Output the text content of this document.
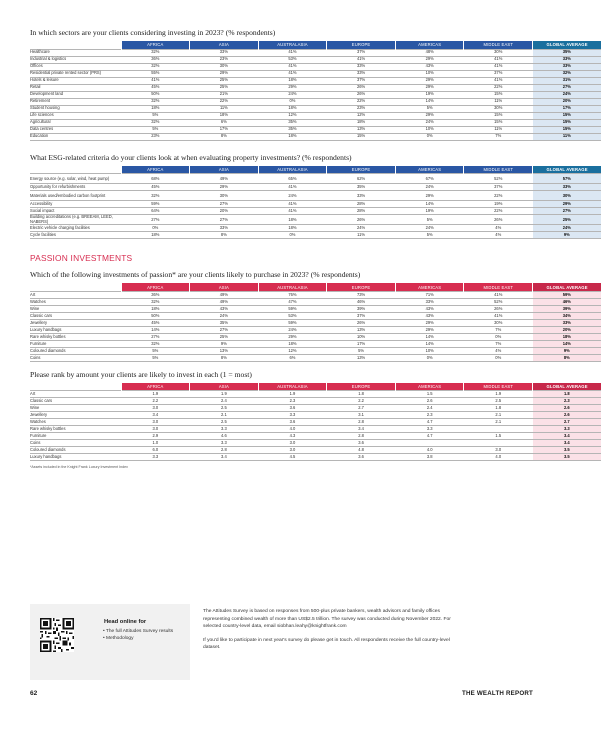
In which sectors are your clients considering investing in 2023? (% respondents)
	AFRICA	ASIA	AUSTRALASIA	EUROPE	AMERICAS	MIDDLE EAST	GLOBAL AVERAGE
Healthcare	32%	33%	41%	37%	48%	30%	35%
Industrial & logistics	36%	23%	53%	41%	29%	41%	33%
Offices	32%	30%	41%	33%	43%	41%	33%
Residential private rented sector (PRS)	55%	29%	41%	33%	10%	37%	32%
Hotels & leisure	41%	25%	18%	37%	29%	41%	31%
Retail	45%	25%	29%	26%	29%	22%	27%
Development land	50%	21%	24%	26%	19%	15%	24%
Retirement	32%	22%	0%	22%	14%	11%	20%
Student housing	18%	11%	18%	23%	5%	30%	17%
Life sciences	5%	18%	12%	12%	29%	15%	15%
Agricultural	32%	6%	35%	18%	24%	15%	15%
Data centres	5%	17%	35%	13%	10%	11%	15%
Education	23%	8%	18%	15%	0%	7%	11%
What ESG-related criteria do your clients look at when evaluating property investments? (% respondents)
	AFRICA	ASIA	AUSTRALASIA	EUROPE	AMERICAS	MIDDLE EAST	GLOBAL AVERAGE
Energy source (e.g. solar, wind, heat pump)	68%	49%	65%	62%	67%	52%	57%
Opportunity for refurbishments	45%	29%	41%	35%	24%	37%	33%
Materials used/embodied carbon footprint	32%	30%	24%	33%	29%	22%	30%
Accessibility	59%	27%	41%	28%	14%	19%	29%
Social impact	64%	20%	41%	28%	19%	22%	27%
Building accreditations (e.g. BREEAM, LEED, NABERS)	27%	27%	18%	26%	5%	26%	25%
Electric vehicle charging facilities	0%	33%	18%	24%	24%	4%	24%
Cycle facilities	18%	8%	0%	11%	5%	4%	9%
PASSION INVESTMENTS
Which of the following investments of passion* are your clients likely to purchase in 2023? (% respondents)
	AFRICA	ASIA	AUSTRALASIA	EUROPE	AMERICAS	MIDDLE EAST	GLOBAL AVERAGE
Art	36%	49%	76%	73%	71%	41%	59%
Watches	32%	49%	47%	46%	33%	52%	46%
Wine	18%	43%	59%	39%	43%	26%	39%
Classic cars	50%	24%	53%	37%	43%	41%	34%
Jewellery	45%	35%	59%	26%	29%	30%	33%
Luxury handbags	14%	27%	24%	13%	29%	7%	20%
Rare whisky bottles	27%	25%	29%	10%	14%	0%	18%
Furniture	32%	9%	18%	17%	14%	7%	14%
Coloured diamonds	5%	13%	12%	5%	10%	4%	9%
Coins	5%	8%	6%	13%	0%	0%	8%
Please rank by amount your clients are likely to invest in each (1 = most)
	AFRICA	ASIA	AUSTRALASIA	EUROPE	AMERICAS	MIDDLE EAST	GLOBAL AVERAGE
Art	1.9	1.9	1.9	1.8	1.5	1.9	1.8
Classic cars	2.2	2.4	2.3	2.2	2.6	2.5	2.3
Wine	3.0	2.5	3.6	2.7	2.4	1.8	2.6
Jewellery	3.4	2.1	3.3	3.1	2.3	2.1	2.6
Watches	3.0	2.5	3.6	2.8	4.7	2.1	2.7
Rare whisky bottles	3.0	3.3	4.0	3.4	3.3		3.3
Furniture	2.9	4.6	4.3	2.8	4.7	1.5	3.4
Coins	1.0	3.3	3.0	3.6			3.4
Coloured diamonds	6.0	2.8	3.0	4.8	4.0	3.0	3.5
Luxury handbags	3.3	3.4	4.5	3.6	3.8	4.0	3.5
*Assets included in the Knight Frank Luxury Investment Index
Head online for
• The full Attitudes Survey results
• Methodology

The Attitudes Survey is based on responses from 500-plus private bankers, wealth advisors and family offices representing combined wealth of more than US$2.5 trillion. The survey was conducted during November 2022. For selected country-level data, email siobhan.leahy@knightfrank.com

If you'd like to participate in next year's survey do please get in touch. All respondents receive the full country-level dataset.

62	THE WEALTH REPORT
